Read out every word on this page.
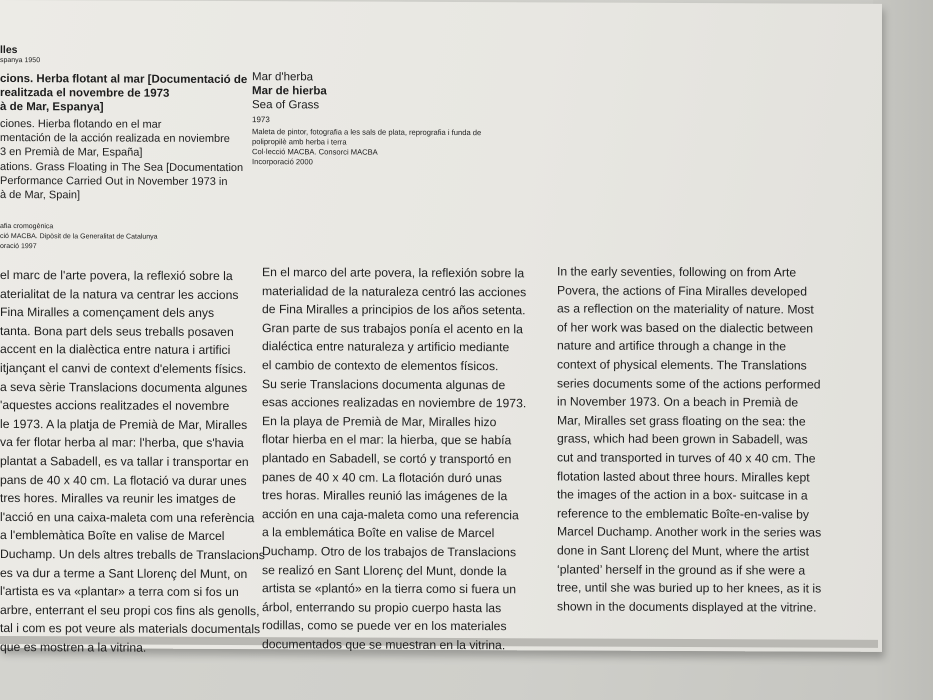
lles
spanya 1950
cions. Herba flotant al mar [Documentació de
realitzada el novembre de 1973
à de Mar, Espanya]
ciones. Hierba flotando en el mar
mentación de la acción realizada en noviembre
3 en Premià de Mar, España]
ations. Grass Floating in The Sea [Documentation
Performance Carried Out in November 1973 in
à de Mar, Spain]
afia cromogènica
ció MACBA. Dipòsit de la Generalitat de Catalunya
oració 1997
Mar d'herba
Mar de hierba
Sea of Grass
1973
Maleta de pintor, fotografia a les sals de plata, reprografia i funda de
polipropilè amb herba i terra
Col·lecció MACBA. Consorci MACBA
Incorporació 2000
el marc de l'arte povera, la reflexió sobre la
aterialitat de la natura va centrar les accions
Fina Miralles a començament dels anys
tanta. Bona part dels seus treballs posaven
accent en la dialèctica entre natura i artifici
itjançant el canvi de context d'elements físics.
a seva sèrie Translacions documenta algunes
'aquestes accions realitzades el novembre
le 1973. A la platja de Premià de Mar, Miralles
va fer flotar herba al mar: l'herba, que s'havia
plantat a Sabadell, es va tallar i transportar en
pans de 40 x 40 cm. La flotació va durar unes
tres hores. Miralles va reunir les imatges de
l'acció en una caixa-maleta com una referència
a l'emblemàtica Boîte en valise de Marcel
Duchamp. Un dels altres treballs de Translacions
es va dur a terme a Sant Llorenç del Munt, on
l'artista es va «plantar» a terra com si fos un
arbre, enterrant el seu propi cos fins als genolls,
tal i com es pot veure als materials documentals
que es mostren a la vitrina.
En el marco del arte povera, la reflexión sobre la
materialidad de la naturaleza centró las acciones
de Fina Miralles a principios de los años setenta.
Gran parte de sus trabajos ponía el acento en la
dialéctica entre naturaleza y artificio mediante
el cambio de contexto de elementos físicos.
Su serie Translacions documenta algunas de
esas acciones realizadas en noviembre de 1973.
En la playa de Premià de Mar, Miralles hizo
flotar hierba en el mar: la hierba, que se había
plantado en Sabadell, se cortó y transportó en
panes de 40 x 40 cm. La flotación duró unas
tres horas. Miralles reunió las imágenes de la
acción en una caja-maleta como una referencia
a la emblemática Boîte en valise de Marcel
Duchamp. Otro de los trabajos de Translacions
se realizó en Sant Llorenç del Munt, donde la
artista se «plantó» en la tierra como si fuera un
árbol, enterrando su propio cuerpo hasta las
rodillas, como se puede ver en los materiales
documentados que se muestran en la vitrina.
In the early seventies, following on from Arte
Povera, the actions of Fina Miralles developed
as a reflection on the materiality of nature. Most
of her work was based on the dialectic between
nature and artifice through a change in the
context of physical elements. The Translations
series documents some of the actions performed
in November 1973. On a beach in Premià de
Mar, Miralles set grass floating on the sea: the
grass, which had been grown in Sabadell, was
cut and transported in turves of 40 x 40 cm. The
flotation lasted about three hours. Miralles kept
the images of the action in a box- suitcase in a
reference to the emblematic Boîte-en-valise by
Marcel Duchamp. Another work in the series was
done in Sant Llorenç del Munt, where the artist
‘planted’ herself in the ground as if she were a
tree, until she was buried up to her knees, as it is
shown in the documents displayed at the vitrine.
